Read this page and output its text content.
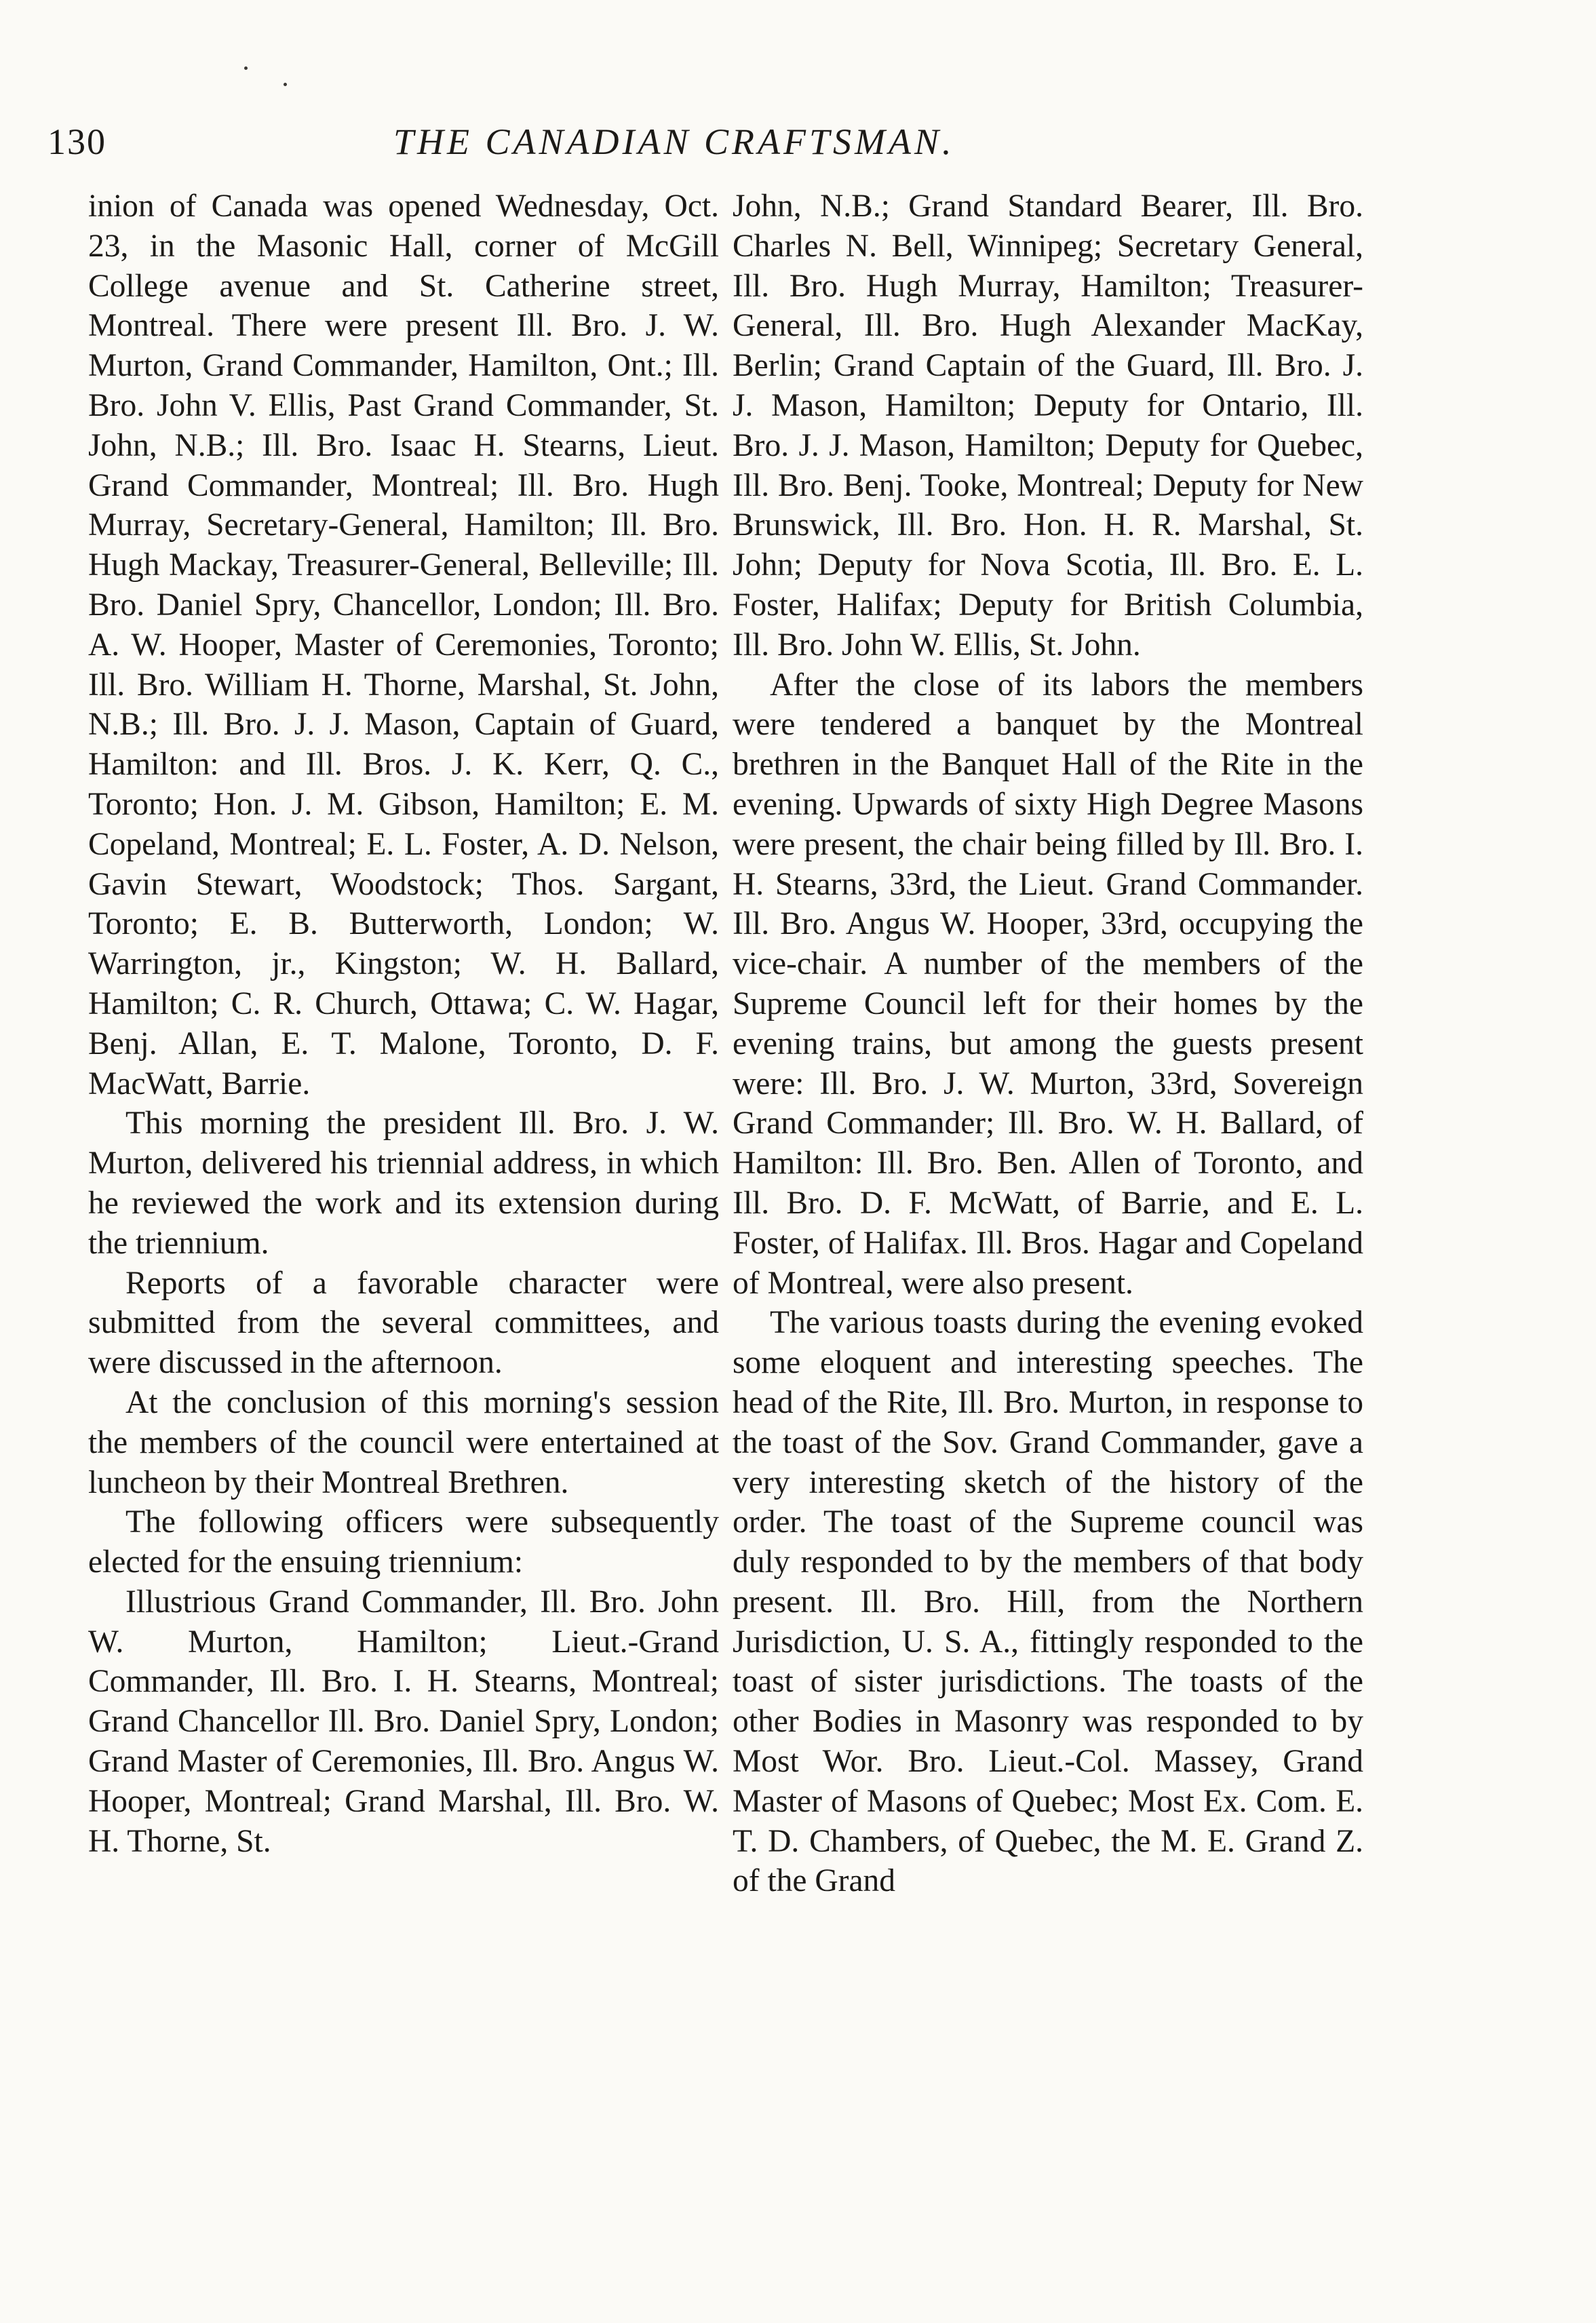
130	THE CANADIAN CRAFTSMAN.

inion of Canada was opened Wednesday, Oct. 23, in the Masonic Hall, corner of McGill College avenue and St. Catherine street, Montreal. There were present Ill. Bro. J. W. Murton, Grand Commander, Hamilton, Ont.; Ill. Bro. John V. Ellis, Past Grand Commander, St. John, N.B.; Ill. Bro. Isaac H. Stearns, Lieut. Grand Commander, Montreal; Ill. Bro. Hugh Murray, Secretary-General, Hamilton; Ill. Bro. Hugh Mackay, Treasurer-General, Belleville; Ill. Bro. Daniel Spry, Chancellor, London; Ill. Bro. A. W. Hooper, Master of Ceremonies, Toronto; Ill. Bro. William H. Thorne, Marshal, St. John, N.B.; Ill. Bro. J. J. Mason, Captain of Guard, Hamilton: and Ill. Bros. J. K. Kerr, Q. C., Toronto; Hon. J. M. Gibson, Hamilton; E. M. Copeland, Montreal; E. L. Foster, A. D. Nelson, Gavin Stewart, Woodstock; Thos. Sargant, Toronto; E. B. Butterworth, London; W. Warrington, jr., Kingston; W. H. Ballard, Hamilton; C. R. Church, Ottawa; C. W. Hagar, Benj. Allan, E. T. Malone, Toronto, D. F. MacWatt, Barrie.

This morning the president Ill. Bro. J. W. Murton, delivered his triennial address, in which he reviewed the work and its extension during the triennium.

Reports of a favorable character were submitted from the several committees, and were discussed in the afternoon.

At the conclusion of this morning's session the members of the council were entertained at luncheon by their Montreal Brethren.

The following officers were subsequently elected for the ensuing triennium:

Illustrious Grand Commander, Ill. Bro. John W. Murton, Hamilton; Lieut.-Grand Commander, Ill. Bro. I. H. Stearns, Montreal; Grand Chancellor Ill. Bro. Daniel Spry, London; Grand Master of Ceremonies, Ill. Bro. Angus W. Hooper, Montreal; Grand Marshal, Ill. Bro. W. H. Thorne, St.

John, N.B.; Grand Standard Bearer, Ill. Bro. Charles N. Bell, Winnipeg; Secretary General, Ill. Bro. Hugh Murray, Hamilton; Treasurer-General, Ill. Bro. Hugh Alexander MacKay, Berlin; Grand Captain of the Guard, Ill. Bro. J. J. Mason, Hamilton; Deputy for Ontario, Ill. Bro. J. J. Mason, Hamilton; Deputy for Quebec, Ill. Bro. Benj. Tooke, Montreal; Deputy for New Brunswick, Ill. Bro. Hon. H. R. Marshal, St. John; Deputy for Nova Scotia, Ill. Bro. E. L. Foster, Halifax; Deputy for British Columbia, Ill. Bro. John W. Ellis, St. John.

After the close of its labors the members were tendered a banquet by the Montreal brethren in the Banquet Hall of the Rite in the evening. Upwards of sixty High Degree Masons were present, the chair being filled by Ill. Bro. I. H. Stearns, 33rd, the Lieut. Grand Commander. Ill. Bro. Angus W. Hooper, 33rd, occupying the vice-chair. A number of the members of the Supreme Council left for their homes by the evening trains, but among the guests present were: Ill. Bro. J. W. Murton, 33rd, Sovereign Grand Commander; Ill. Bro. W. H. Ballard, of Hamilton: Ill. Bro. Ben. Allen of Toronto, and Ill. Bro. D. F. McWatt, of Barrie, and E. L. Foster, of Halifax. Ill. Bros. Hagar and Copeland of Montreal, were also present.

The various toasts during the evening evoked some eloquent and interesting speeches. The head of the Rite, Ill. Bro. Murton, in response to the toast of the Sov. Grand Commander, gave a very interesting sketch of the history of the order. The toast of the Supreme council was duly responded to by the members of that body present. Ill. Bro. Hill, from the Northern Jurisdiction, U. S. A., fittingly responded to the toast of sister jurisdictions. The toasts of the other Bodies in Masonry was responded to by Most Wor. Bro. Lieut.-Col. Massey, Grand Master of Masons of Quebec; Most Ex. Com. E. T. D. Chambers, of Quebec, the M. E. Grand Z. of the Grand
